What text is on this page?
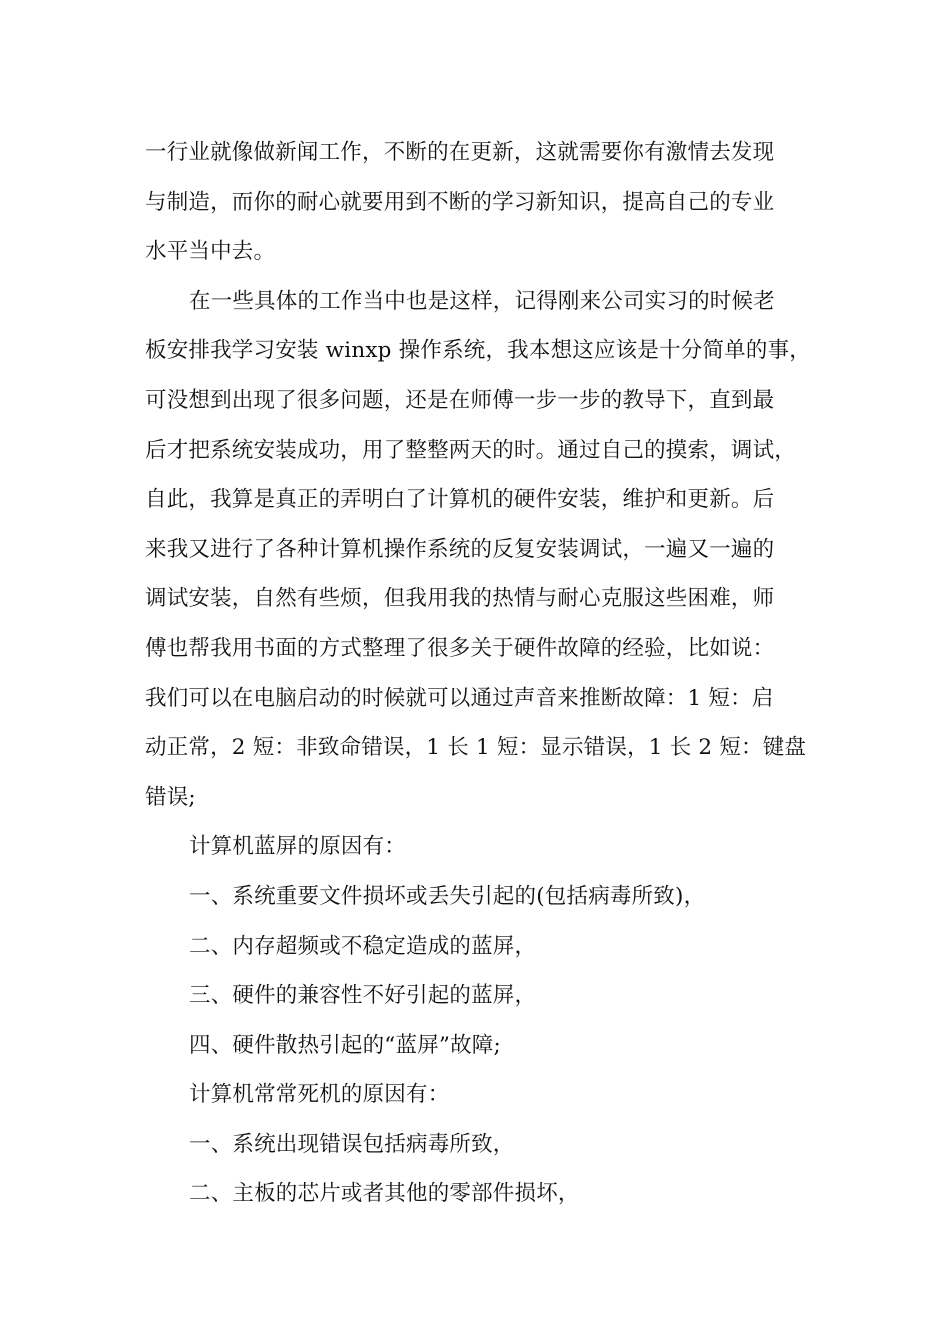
一行业就像做新闻工作，不断的在更新，这就需要你有激情去发现
与制造，而你的耐心就要用到不断的学习新知识，提高自己的专业
水平当中去。
在一些具体的工作当中也是这样，记得刚来公司实习的时候老
板安排我学习安装 winxp 操作系统，我本想这应该是十分简单的事，
可没想到出现了很多问题，还是在师傅一步一步的教导下，直到最
后才把系统安装成功，用了整整两天的时。通过自己的摸索，调试，
自此，我算是真正的弄明白了计算机的硬件安装，维护和更新。后
来我又进行了各种计算机操作系统的反复安装调试，一遍又一遍的
调试安装，自然有些烦，但我用我的热情与耐心克服这些困难，师
傅也帮我用书面的方式整理了很多关于硬件故障的经验，比如说：
我们可以在电脑启动的时候就可以通过声音来推断故障：1 短：启
动正常，2 短：非致命错误，1 长 1 短：显示错误，1 长 2 短：键盘
错误;
计算机蓝屏的原因有：
一、系统重要文件损坏或丢失引起的(包括病毒所致)，
二、内存超频或不稳定造成的蓝屏，
三、硬件的兼容性不好引起的蓝屏，
四、硬件散热引起的“蓝屏”故障;
计算机常常死机的原因有：
一、系统出现错误包括病毒所致，
二、主板的芯片或者其他的零部件损坏，
